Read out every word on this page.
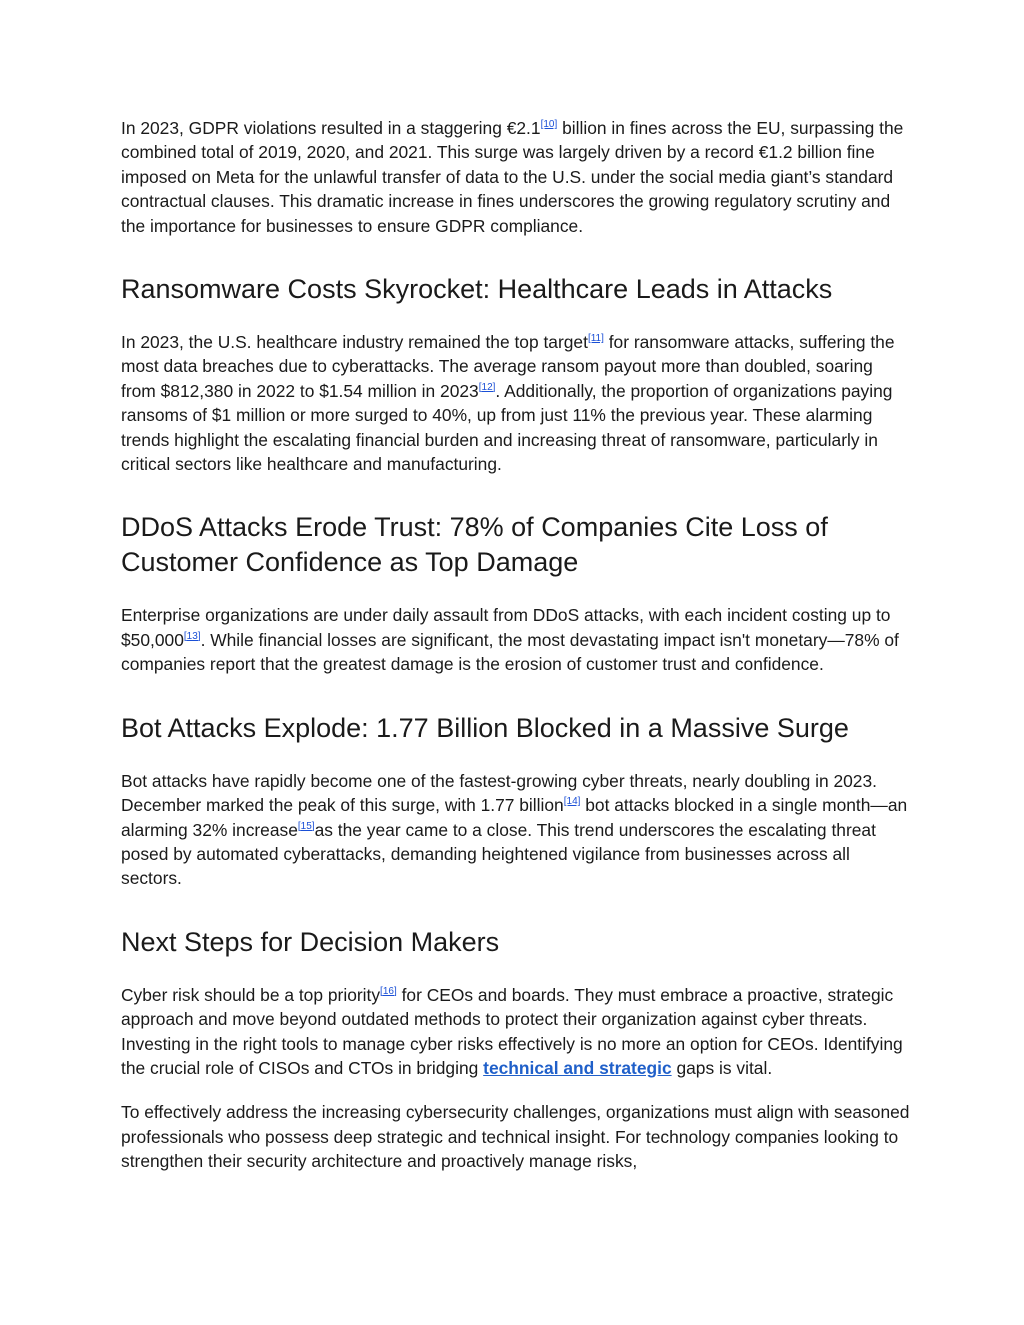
In 2023, GDPR violations resulted in a staggering €2.1[10] billion in fines across the EU, surpassing the combined total of 2019, 2020, and 2021. This surge was largely driven by a record €1.2 billion fine imposed on Meta for the unlawful transfer of data to the U.S. under the social media giant’s standard contractual clauses. This dramatic increase in fines underscores the growing regulatory scrutiny and the importance for businesses to ensure GDPR compliance.

Ransomware Costs Skyrocket: Healthcare Leads in Attacks

In 2023, the U.S. healthcare industry remained the top target[11] for ransomware attacks, suffering the most data breaches due to cyberattacks. The average ransom payout more than doubled, soaring from $812,380 in 2022 to $1.54 million in 2023[12]. Additionally, the proportion of organizations paying ransoms of $1 million or more surged to 40%, up from just 11% the previous year. These alarming trends highlight the escalating financial burden and increasing threat of ransomware, particularly in critical sectors like healthcare and manufacturing.

DDoS Attacks Erode Trust: 78% of Companies Cite Loss of Customer Confidence as Top Damage

Enterprise organizations are under daily assault from DDoS attacks, with each incident costing up to $50,000[13]. While financial losses are significant, the most devastating impact isn't monetary—78% of companies report that the greatest damage is the erosion of customer trust and confidence.

Bot Attacks Explode: 1.77 Billion Blocked in a Massive Surge

Bot attacks have rapidly become one of the fastest-growing cyber threats, nearly doubling in 2023. December marked the peak of this surge, with 1.77 billion[14] bot attacks blocked in a single month—an alarming 32% increase[15]as the year came to a close. This trend underscores the escalating threat posed by automated cyberattacks, demanding heightened vigilance from businesses across all sectors.

Next Steps for Decision Makers

Cyber risk should be a top priority[16] for CEOs and boards. They must embrace a proactive, strategic approach and move beyond outdated methods to protect their organization against cyber threats. Investing in the right tools to manage cyber risks effectively is no more an option for CEOs. Identifying the crucial role of CISOs and CTOs in bridging technical and strategic gaps is vital.

To effectively address the increasing cybersecurity challenges, organizations must align with seasoned professionals who possess deep strategic and technical insight. For technology companies looking to strengthen their security architecture and proactively manage risks,
